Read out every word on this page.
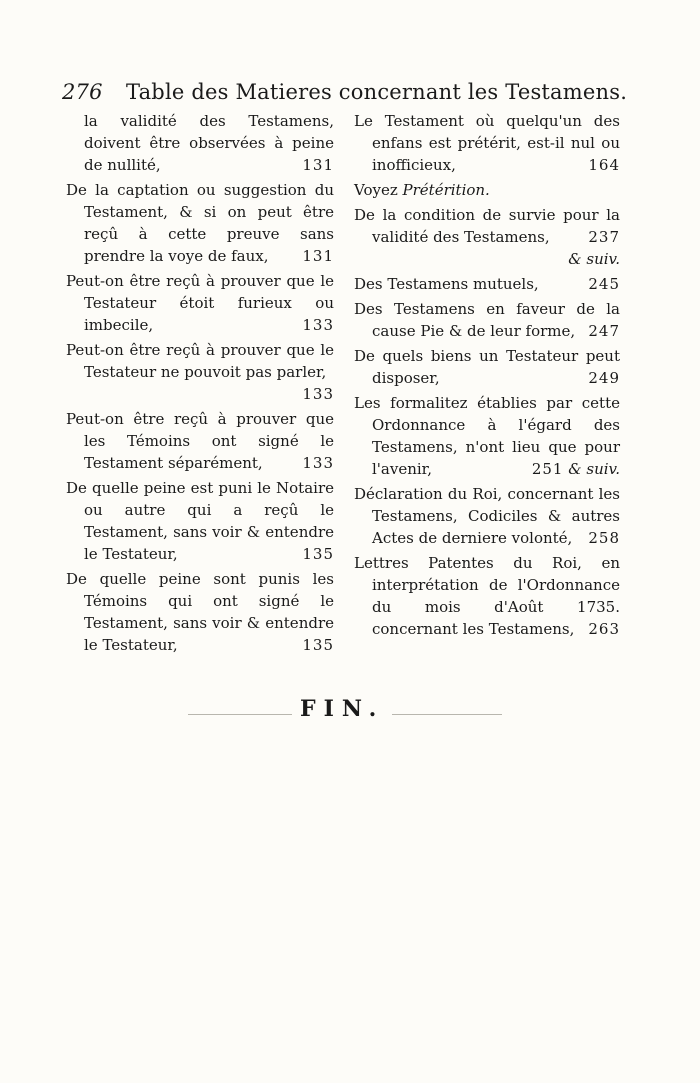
276 Table des Matieres concernant les Testamens.
la validité des Testamens, doivent être observées à peine de nullité,	131
De la captation ou suggestion du Testament, & si on peut être reçû à cette preuve sans prendre la voye de faux, 131
Peut-on être reçû à prouver que le Testateur étoit furieux ou imbecile,	133
Peut-on être reçû à prouver que le Testateur ne pouvoit pas parler,
133
Peut-on être reçû à prouver que les Témoins ont signé le Testament séparément,	133
De quelle peine est puni le Notaire ou autre qui a reçû le Testament, sans voir & entendre le Testateur,	135
De quelle peine sont punis les Témoins qui ont signé le Testament, sans voir & entendre le Testateur,	135
Le Testament où quelqu'un des enfans est prétérit, est-il nul ou inofficieux,	164
Voyez Prétérition.
De la condition de survie pour la validité des Testamens,	237
& suiv.
Des Testamens mutuels,	245
Des Testamens en faveur de la cause Pie & de leur forme, 247
De quels biens un Testateur peut disposer,	249
Les formalitez établies par cette Ordonnance à l'égard des Testamens, n'ont lieu que pour l'avenir,	251 & suiv.
Déclaration du Roi, concernant les Testamens, Codiciles & autres Actes de derniere volonté, 258
Lettres Patentes du Roi, en interprétation de l'Ordonnance du mois d'Août 1735. concernant les Testamens, 263
FIN.
